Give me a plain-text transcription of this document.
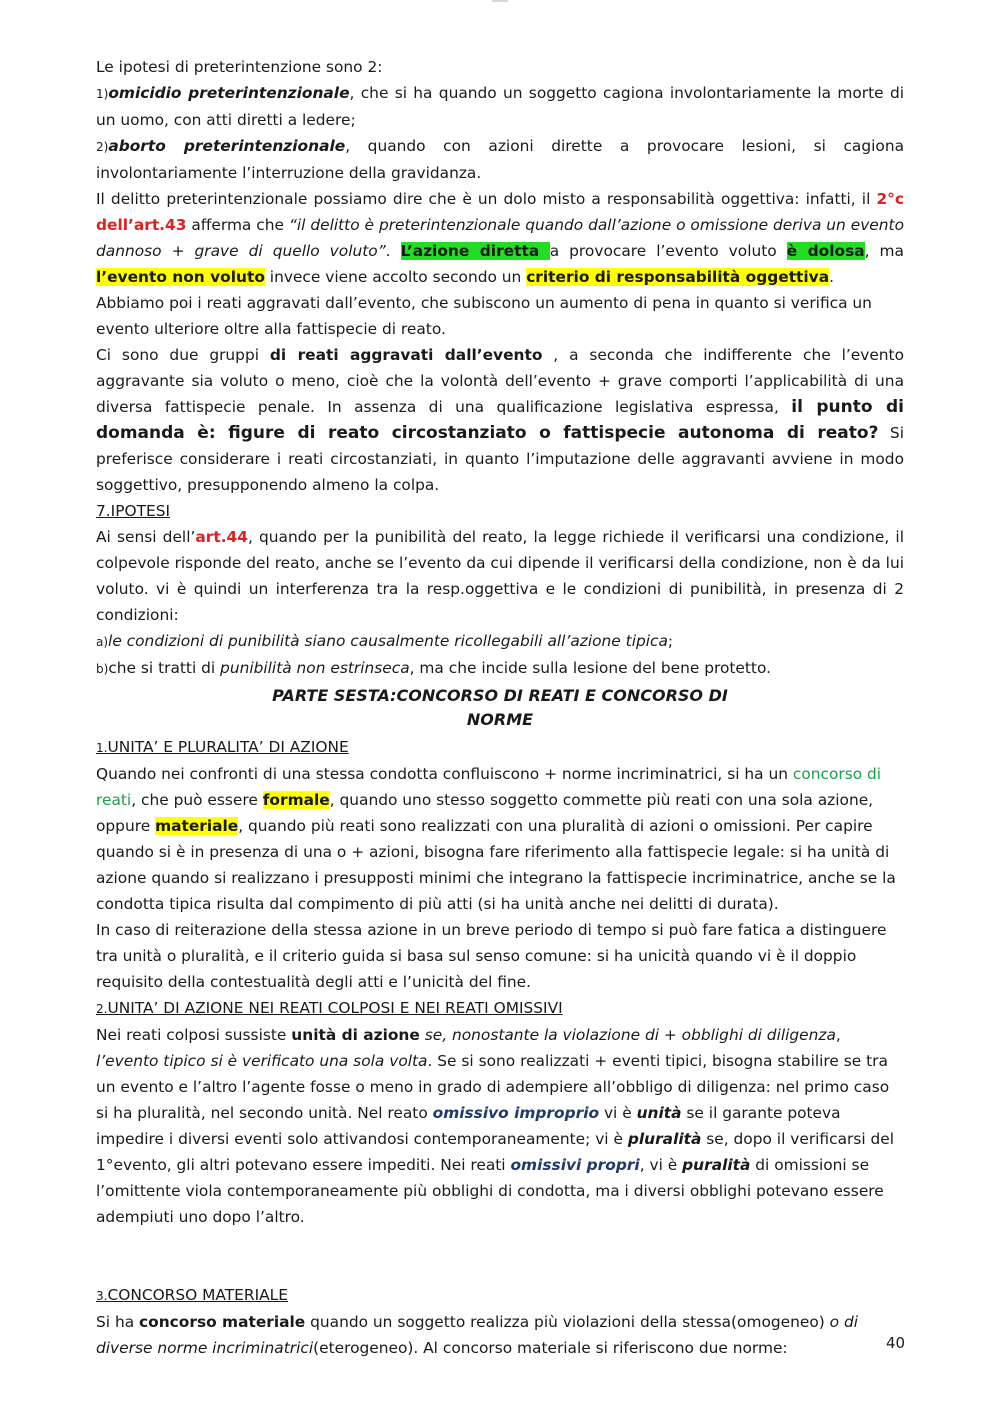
Le ipotesi di preterintenzione sono 2:

1)omicidio preterintenzionale, che si ha quando un soggetto cagiona involontariamente la morte di un uomo, con atti diretti a ledere;

2)aborto preterintenzionale, quando con azioni dirette a provocare lesioni, si cagiona involontariamente l’interruzione della gravidanza.

Il delitto preterintenzionale possiamo dire che è un dolo misto a responsabilità oggettiva: infatti, il 2°c dell’art.43 afferma che “il delitto è preterintenzionale quando dall’azione o omissione deriva un evento dannoso + grave di quello voluto”. L’azione diretta a provocare l’evento voluto è dolosa, ma l’evento non voluto invece viene accolto secondo un criterio di responsabilità oggettiva.

Abbiamo poi i reati aggravati dall’evento, che subiscono un aumento di pena in quanto si verifica un evento ulteriore oltre alla fattispecie di reato.

Ci sono due gruppi di reati aggravati dall’evento , a seconda che indifferente che l’evento aggravante sia voluto o meno, cioè che la volontà dell’evento + grave comporti l’applicabilità di una diversa fattispecie penale. In assenza di una qualificazione legislativa espressa, il punto di domanda è: figure di reato circostanziato o fattispecie autonoma di reato? Si preferisce considerare i reati circostanziati, in quanto l’imputazione delle aggravanti avviene in modo soggettivo, presupponendo almeno la colpa.

7.IPOTESI

Ai sensi dell’art.44, quando per la punibilità del reato, la legge richiede il verificarsi una condizione, il colpevole risponde del reato, anche se l’evento da cui dipende il verificarsi della condizione, non è da lui voluto. vi è quindi un interferenza tra la resp.oggettiva e le condizioni di punibilità, in presenza di 2 condizioni:

a)le condizioni di punibilità siano causalmente ricollegabili all’azione tipica;

b)che si tratti di punibilità non estrinseca, ma che incide sulla lesione del bene protetto.

PARTE SESTA:CONCORSO DI REATI E CONCORSO DI
NORME

1.UNITA’ E PLURALITA’ DI AZIONE

Quando nei confronti di una stessa condotta confluiscono + norme incriminatrici, si ha un concorso di reati, che può essere formale, quando uno stesso soggetto commette più reati con una sola azione, oppure materiale, quando più reati sono realizzati con una pluralità di azioni o omissioni. Per capire quando si è in presenza di una o + azioni, bisogna fare riferimento alla fattispecie legale: si ha unità di azione quando si realizzano i presupposti minimi che integrano la fattispecie incriminatrice, anche se la condotta tipica risulta dal compimento di più atti (si ha unità anche nei delitti di durata).

In caso di reiterazione della stessa azione in un breve periodo di tempo si può fare fatica a distinguere tra unità o pluralità, e il criterio guida si basa sul senso comune: si ha unicità quando vi è il doppio requisito della contestualità degli atti e l’unicità del fine.

2.UNITA’ DI AZIONE NEI REATI COLPOSI E NEI REATI OMISSIVI

Nei reati colposi sussiste unità di azione se, nonostante la violazione di + obblighi di diligenza, l’evento tipico si è verificato una sola volta. Se si sono realizzati + eventi tipici, bisogna stabilire se tra un evento e l’altro l’agente fosse o meno in grado di adempiere all’obbligo di diligenza: nel primo caso si ha pluralità, nel secondo unità. Nel reato omissivo improprio vi è unità se il garante poteva impedire i diversi eventi solo attivandosi contemporaneamente; vi è pluralità se, dopo il verificarsi del 1°evento, gli altri potevano essere impediti. Nei reati omissivi propri, vi è puralità di omissioni se l’omittente viola contemporaneamente più obblighi di condotta, ma i diversi obblighi potevano essere adempiuti uno dopo l’altro.

3.CONCORSO MATERIALE

Si ha concorso materiale quando un soggetto realizza più violazioni della stessa(omogeneo) o di diverse norme incriminatrici(eterogeneo). Al concorso materiale si riferiscono due norme:	40
